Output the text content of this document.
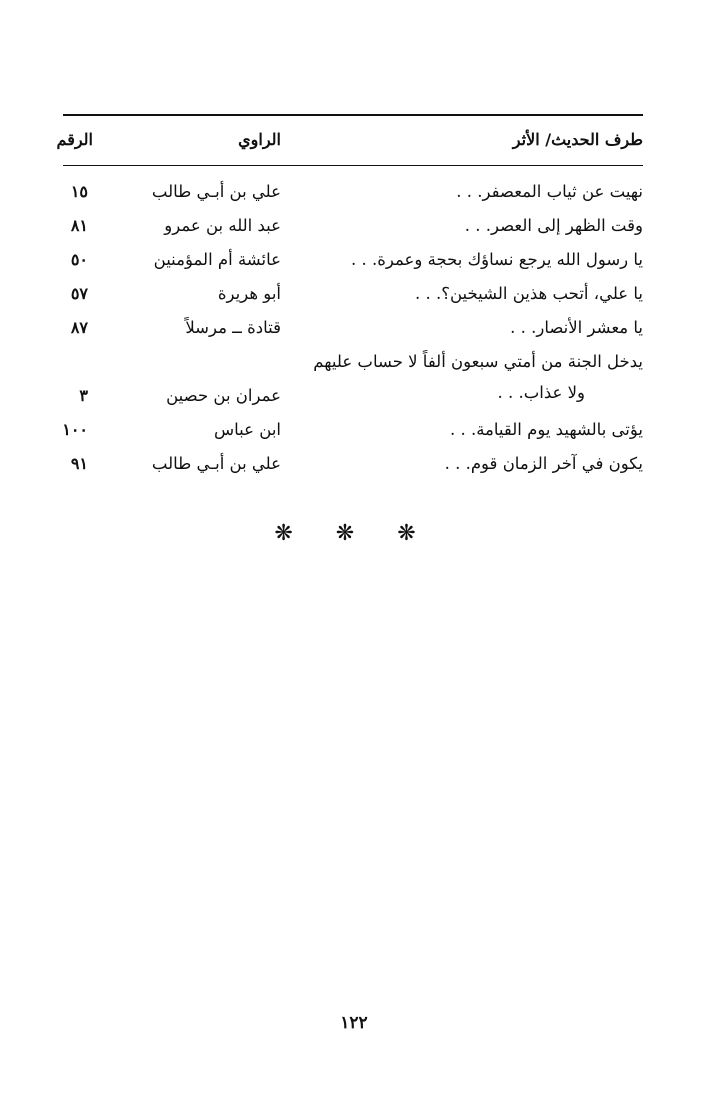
طرف الحديث/ الأثر
الراوي
الرقم
نهيت عن ثياب المعصفر. . .
علي بن أبـي طالب
١٥
وقت الظهر إلى العصر. . .
عبد الله بن عمرو
٨١
يا رسول الله يرجع نساؤك بحجة وعمرة. . .
عائشة أم المؤمنين
٥٠
يا علي، أتحب هذين الشيخين؟. . .
أبو هريرة
٥٧
يا معشر الأنصار. . .
قتادة ــ مرسلاً
٨٧
يدخل الجنة من أمتي سبعون ألفاً لا حساب عليهم
ولا عذاب. . .
عمران بن حصين
٣
يؤتى بالشهيد يوم القيامة. . .
ابن عباس
١٠٠
يكون في آخر الزمان قوم. . .
علي بن أبـي طالب
٩١
❋ ❋ ❋
١٢٢
